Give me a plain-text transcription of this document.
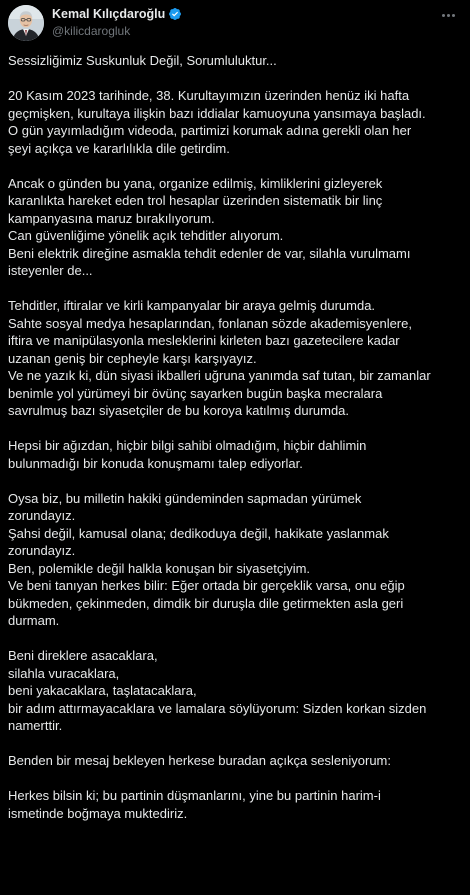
Kemal Kılıçdaroğlu
@kilicdarogluk
Sessizliğimiz Suskunluk Değil, Sorumluluktur...
20 Kasım 2023 tarihinde, 38. Kurultayımızın üzerinden henüz iki hafta
geçmişken, kurultaya ilişkin bazı iddialar kamuoyuna yansımaya başladı.
O gün yayımladığım videoda, partimizi korumak adına gerekli olan her
şeyi açıkça ve kararlılıkla dile getirdim.
Ancak o günden bu yana, organize edilmiş, kimliklerini gizleyerek
karanlıkta hareket eden trol hesaplar üzerinden sistematik bir linç
kampanyasına maruz bırakılıyorum.
Can güvenliğime yönelik açık tehditler alıyorum.
Beni elektrik direğine asmakla tehdit edenler de var, silahla vurulmamı
isteyenler de...
Tehditler, iftiralar ve kirli kampanyalar bir araya gelmiş durumda.
Sahte sosyal medya hesaplarından, fonlanan sözde akademisyenlere,
iftira ve manipülasyonla mesleklerini kirleten bazı gazetecilere kadar
uzanan geniş bir cepheyle karşı karşıyayız.
Ve ne yazık ki, dün siyasi ikballeri uğruna yanımda saf tutan, bir zamanlar
benimle yol yürümeyi bir övünç sayarken bugün başka mecralara
savrulmuş bazı siyasetçiler de bu koroya katılmış durumda.
Hepsi bir ağızdan, hiçbir bilgi sahibi olmadığım, hiçbir dahlimin
bulunmadığı bir konuda konuşmamı talep ediyorlar.
Oysa biz, bu milletin hakiki gündeminden sapmadan yürümek
zorundayız.
Şahsi değil, kamusal olana; dedikoduya değil, hakikate yaslanmak
zorundayız.
Ben, polemikle değil halkla konuşan bir siyasetçiyim.
Ve beni tanıyan herkes bilir: Eğer ortada bir gerçeklik varsa, onu eğip
bükmeden, çekinmeden, dimdik bir duruşla dile getirmekten asla geri
durmam.
Beni direklere asacaklara,
silahla vuracaklara,
beni yakacaklara, taşlatacaklara,
bir adım attırmayacaklara ve lamalara söylüyorum: Sizden korkan sizden
namerttir.
Benden bir mesaj bekleyen herkese buradan açıkça sesleniyorum:
Herkes bilsin ki; bu partinin düşmanlarını, yine bu partinin harim-i
ismetinde boğmaya muktediriz.
